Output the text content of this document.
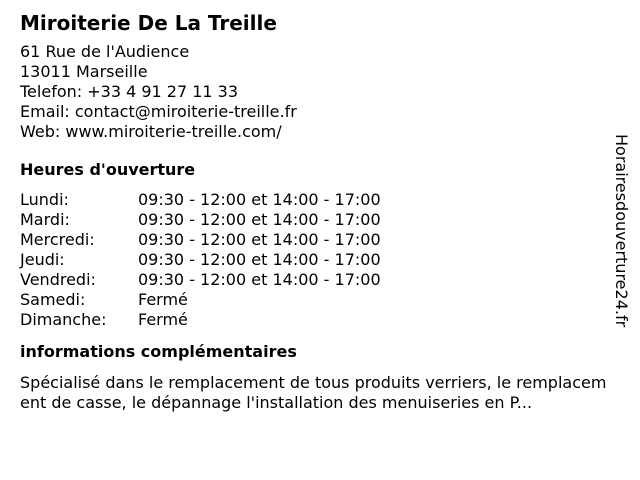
Miroiterie De La Treille
61 Rue de l'Audience
13011 Marseille
Telefon: +33 4 91 27 11 33
Email: contact@miroiterie-treille.fr
Web: www.miroiterie-treille.com/
Heures d'ouverture
Lundi:	09:30 - 12:00 et 14:00 - 17:00
Mardi:	09:30 - 12:00 et 14:00 - 17:00
Mercredi:	09:30 - 12:00 et 14:00 - 17:00
Jeudi:	09:30 - 12:00 et 14:00 - 17:00
Vendredi:	09:30 - 12:00 et 14:00 - 17:00
Samedi:	Fermé
Dimanche:	Fermé
informations complémentaires
Spécialisé dans le remplacement de tous produits verriers, le remplacement de casse, le dépannage l'installation des menuiseries en P...
Horairesdouverture24.fr
